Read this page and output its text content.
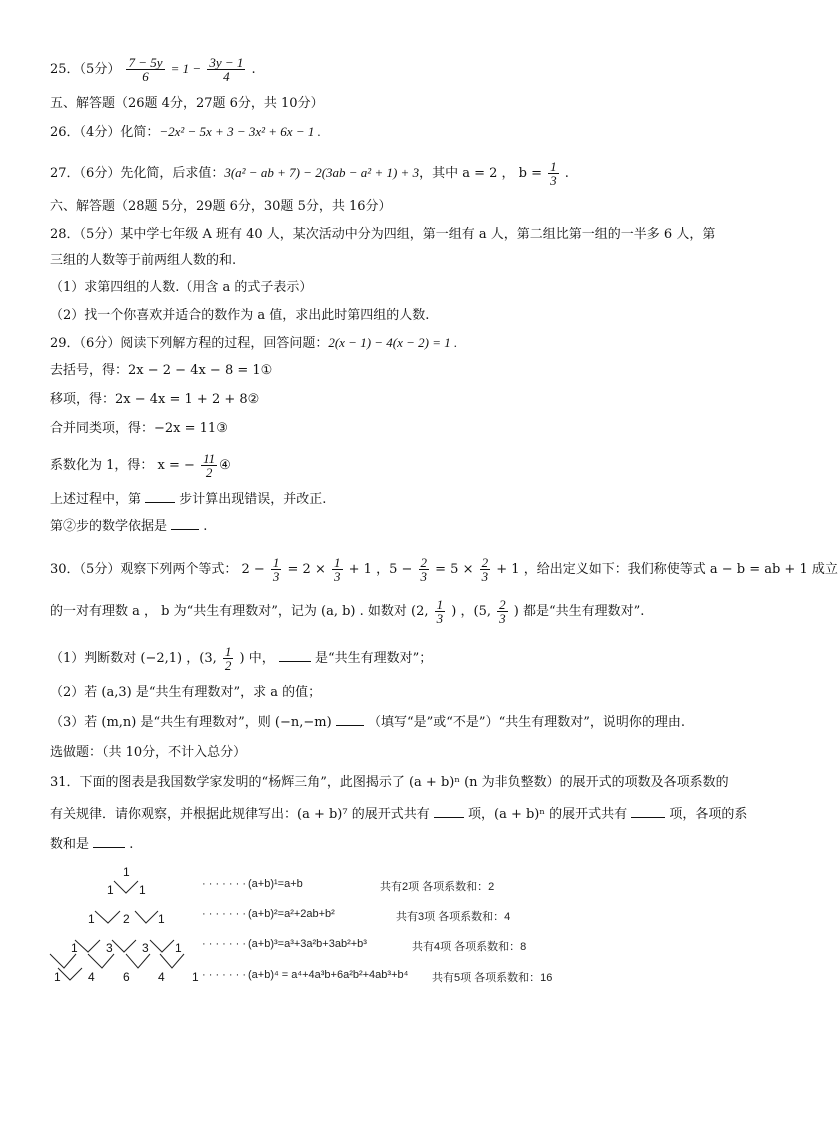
25．（5分） $\frac{7 - 5y}{6} = 1 - \frac{3y - 1}{4}$ .
五、解答题（26题 4分，27题 6分，共 10分）
26．（4分）化简：−2x² − 5x + 3 − 3x² + 6x − 1 .
27．（6分）先化简，后求值：3(a² − ab + 7) − 2(3ab − a² + 1) + 3，其中 a = 2 ， $b = \frac{1}{3}$ .
六、解答题（28题 5分，29题 6分，30题 5分，共 16分）
28．（5分）某中学七年级 A 班有 40 人，某次活动中分为四组，第一组有 a 人，第二组比第一组的一半多 6 人，第
三组的人数等于前两组人数的和.
（1）求第四组的人数.（用含 a 的式子表示）
（2）找一个你喜欢并适合的数作为 a 值，求出此时第四组的人数.
29．（6分）阅读下列解方程的过程，回答问题：2(x − 1) − 4(x − 2) = 1 .
去括号，得：2x − 2 − 4x − 8 = 1①
移项，得：2x − 4x = 1 + 2 + 8②
合并同类项，得：−2x = 11③
系数化为 1，得： x = − $\frac{11}{2}$ ④
上述过程中，第	步计算出现错误，并改正.
第②步的数学依据是	.
30．（5分）观察下列两个等式： $2 - \frac{1}{3} = 2 \times \frac{1}{3} + 1$ ，$5 - \frac{2}{3} = 5 \times \frac{2}{3} + 1$ ，给出定义如下：我们称使等式 a − b = ab + 1 成立
的一对有理数 a ， b 为“共生有理数对”，记为 (a, b) . 如数对 (2, $\frac{1}{3}$ ) ，(5, $\frac{2}{3}$ ) 都是“共生有理数对”.
（1）判断数对 (−2,1) ，(3, $\frac{1}{2}$ ) 中，	是“共生有理数对”；
（2）若 (a,3) 是“共生有理数对”，求 a 的值；
（3）若 (m,n) 是“共生有理数对”，则 (−n,−m)	（填写“是”或“不是”）“共生有理数对”，说明你的理由.
选做题：（共 10分，不计入总分）
31．下面的图表是我国数学家发明的“杨辉三角”，此图揭示了 (a + b)ⁿ (n 为非负整数）的展开式的项数及各项系数的
有关规律．请你观察，并根据此规律写出：(a + b)⁷ 的展开式共有	项，(a + b)ⁿ 的展开式共有	项，各项的系
数和是	.
1
1 1
1 2 1
1 3 3 1
1 4 6 4 1
· · · · · · · (a+b)¹=a+b	共有2项 各项系数和：2
· · · · · · · (a+b)²=a²+2ab+b²	共有3项 各项系数和：4
· · · · · · · (a+b)³=a³+3a²b+3ab²+b³	共有4项 各项系数和：8
· · · · · · · (a+b)⁴ = a⁴+4a³b+6a²b²+4ab³+b⁴ 共有5项 各项系数和：16
